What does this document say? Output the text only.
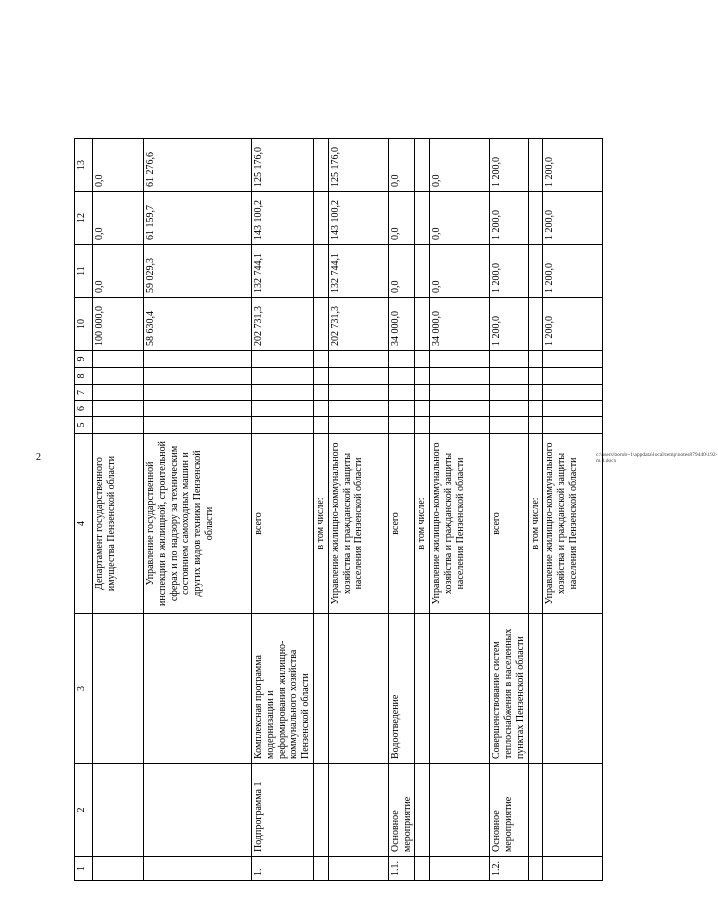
2	c:\users\borob~1\appdata\local\temp\notes879440\192-m.d.docx
1	2	3	4	5	6	7	8	9	10	11	12	13
			Департамент государственного имущества Пензенской области						100 000,0	0,0	0,0	0,0
			Управление государственной инспекции в жилищной, строительной сферах и по надзору за техническим состоянием самоходных машин и других видов техники Пензенской области						58 630,4	59 029,3	61 159,7	61 276,6
1.	Подпрограмма 1	Комплексная программа модернизации и реформирования жилищно-коммунального хозяйства Пензенской области	всего						202 731,3	132 744,1	143 100,2	125 176,0
			в том числе:									
			Управление жилищно-коммунального хозяйства и гражданской защиты населения Пензенской области						202 731,3	132 744,1	143 100,2	125 176,0
1.1.	Основное мероприятие	Водоотведение	всего						34 000,0	0,0	0,0	0,0
			в том числе:									
			Управление жилищно-коммунального хозяйства и гражданской защиты населения Пензенской области						34 000,0	0,0	0,0	0,0
1.2.	Основное мероприятие	Совершенствование систем теплоснабжения в населенных пунктах Пензенской области	всего						1 200,0	1 200,0	1 200,0	1 200,0
			в том числе:									
			Управление жилищно-коммунального хозяйства и гражданской защиты населения Пензенской области						1 200,0	1 200,0	1 200,0	1 200,0
